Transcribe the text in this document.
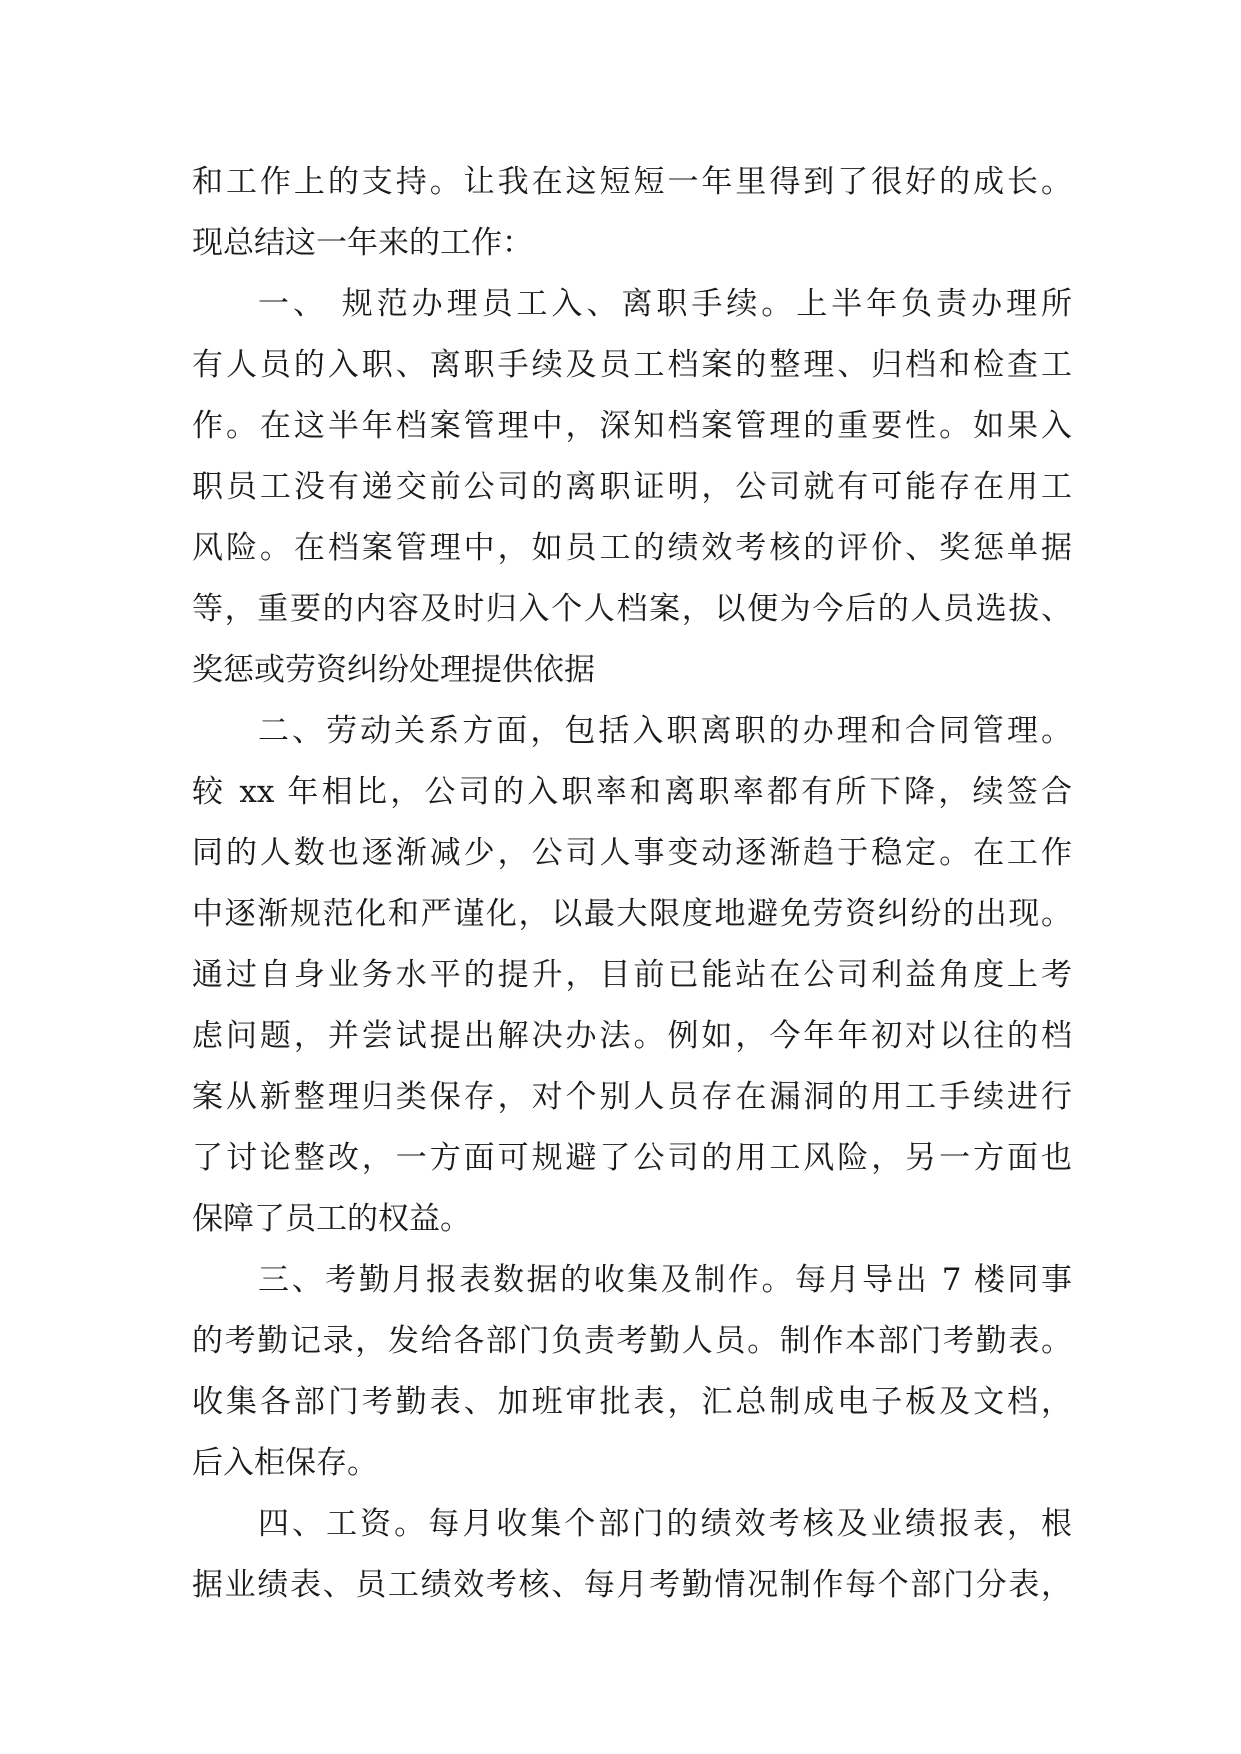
和工作上的支持。让我在这短短一年里得到了很好的成长。
现总结这一年来的工作：
一、 规范办理员工入、离职手续。上半年负责办理所
有人员的入职、离职手续及员工档案的整理、归档和检查工
作。在这半年档案管理中，深知档案管理的重要性。如果入
职员工没有递交前公司的离职证明，公司就有可能存在用工
风险。在档案管理中，如员工的绩效考核的评价、奖惩单据
等，重要的内容及时归入个人档案，以便为今后的人员选拔、
奖惩或劳资纠纷处理提供依据
二、劳动关系方面，包括入职离职的办理和合同管理。
较 xx 年相比，公司的入职率和离职率都有所下降，续签合
同的人数也逐渐减少，公司人事变动逐渐趋于稳定。在工作
中逐渐规范化和严谨化，以最大限度地避免劳资纠纷的出现。
通过自身业务水平的提升，目前已能站在公司利益角度上考
虑问题，并尝试提出解决办法。例如，今年年初对以往的档
案从新整理归类保存，对个别人员存在漏洞的用工手续进行
了讨论整改，一方面可规避了公司的用工风险，另一方面也
保障了员工的权益。
三、考勤月报表数据的收集及制作。每月导出 7 楼同事
的考勤记录，发给各部门负责考勤人员。制作本部门考勤表。
收集各部门考勤表、加班审批表，汇总制成电子板及文档，
后入柜保存。
四、工资。每月收集个部门的绩效考核及业绩报表，根
据业绩表、员工绩效考核、每月考勤情况制作每个部门分表，
